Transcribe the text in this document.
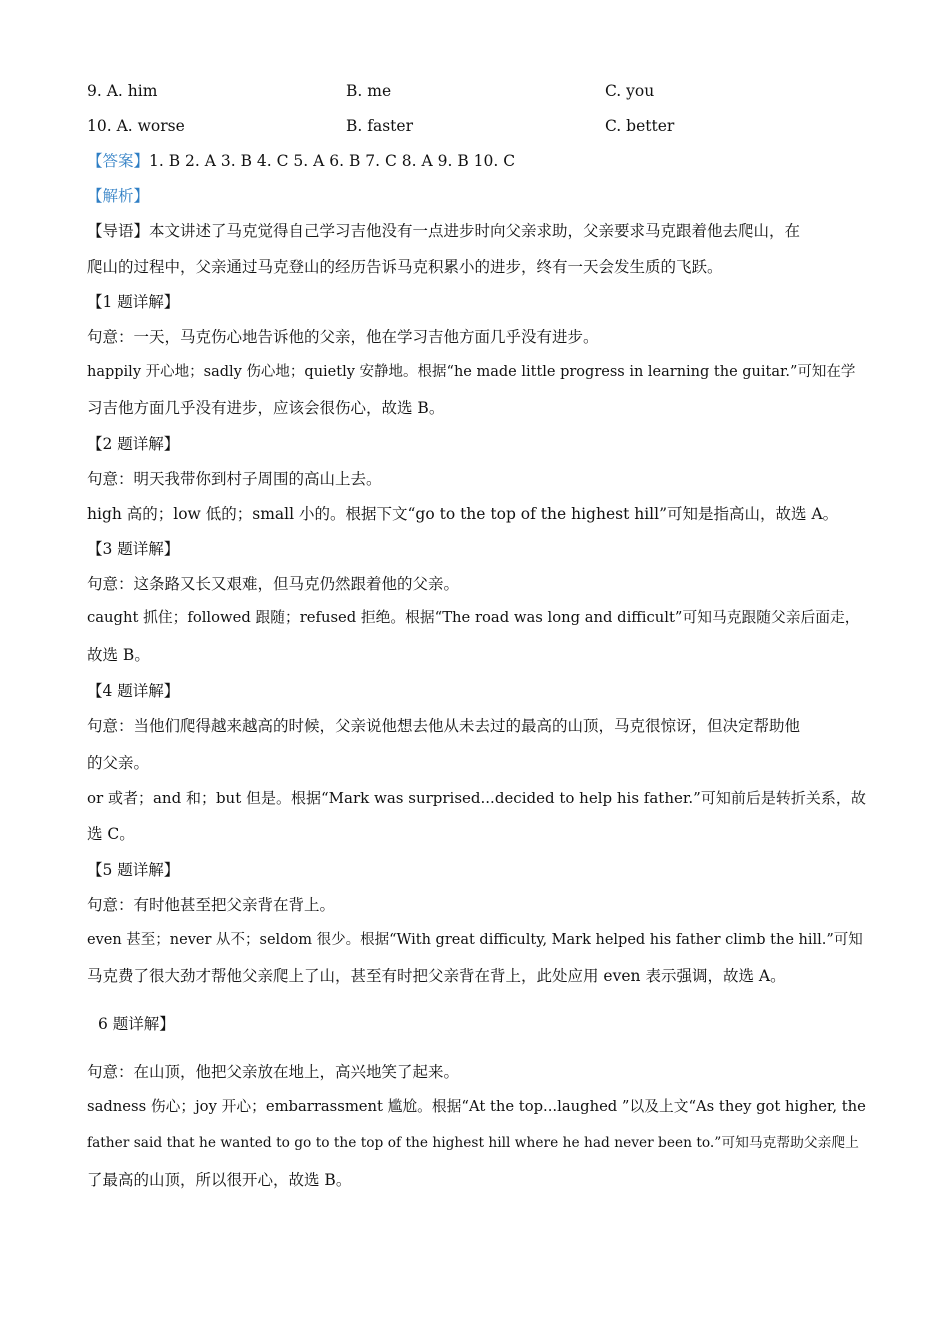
9. A. him	B. me	C. you
10. A. worse	B. faster	C. better
【答案】1. B 2. A 3. B 4. C 5. A 6. B 7. C 8. A 9. B 10. C
【解析】
【导语】本文讲述了马克觉得自己学习吉他没有一点进步时向父亲求助，父亲要求马克跟着他去爬山，在
爬山的过程中，父亲通过马克登山的经历告诉马克积累小的进步，终有一天会发生质的飞跃。
【1 题详解】
句意：一天，马克伤心地告诉他的父亲，他在学习吉他方面几乎没有进步。
happily 开心地；sadly 伤心地；quietly 安静地。根据“he made little progress in learning the guitar.”可知在学
习吉他方面几乎没有进步，应该会很伤心，故选 B。
【2 题详解】
句意：明天我带你到村子周围的高山上去。
high 高的；low 低的；small 小的。根据下文“go to the top of the highest hill”可知是指高山，故选 A。
【3 题详解】
句意：这条路又长又艰难，但马克仍然跟着他的父亲。
caught 抓住；followed 跟随；refused 拒绝。根据“The road was long and difficult”可知马克跟随父亲后面走，
故选 B。
【4 题详解】
句意：当他们爬得越来越高的时候，父亲说他想去他从未去过的最高的山顶，马克很惊讶，但决定帮助他
的父亲。
or 或者；and 和；but 但是。根据“Mark was surprised...decided to help his father.”可知前后是转折关系，故
选 C。
【5 题详解】
句意：有时他甚至把父亲背在背上。
even 甚至；never 从不；seldom 很少。根据“With great difficulty, Mark helped his father climb the hill.”可知
马克费了很大劲才帮他父亲爬上了山，甚至有时把父亲背在背上，此处应用 even 表示强调，故选 A。
6 题详解】
句意：在山顶，他把父亲放在地上，高兴地笑了起来。
sadness 伤心；joy 开心；embarrassment 尴尬。根据“At the top...laughed ”以及上文“As they got higher, the
father said that he wanted to go to the top of the highest hill where he had never been to.”可知马克帮助父亲爬上
了最高的山顶，所以很开心，故选 B。
